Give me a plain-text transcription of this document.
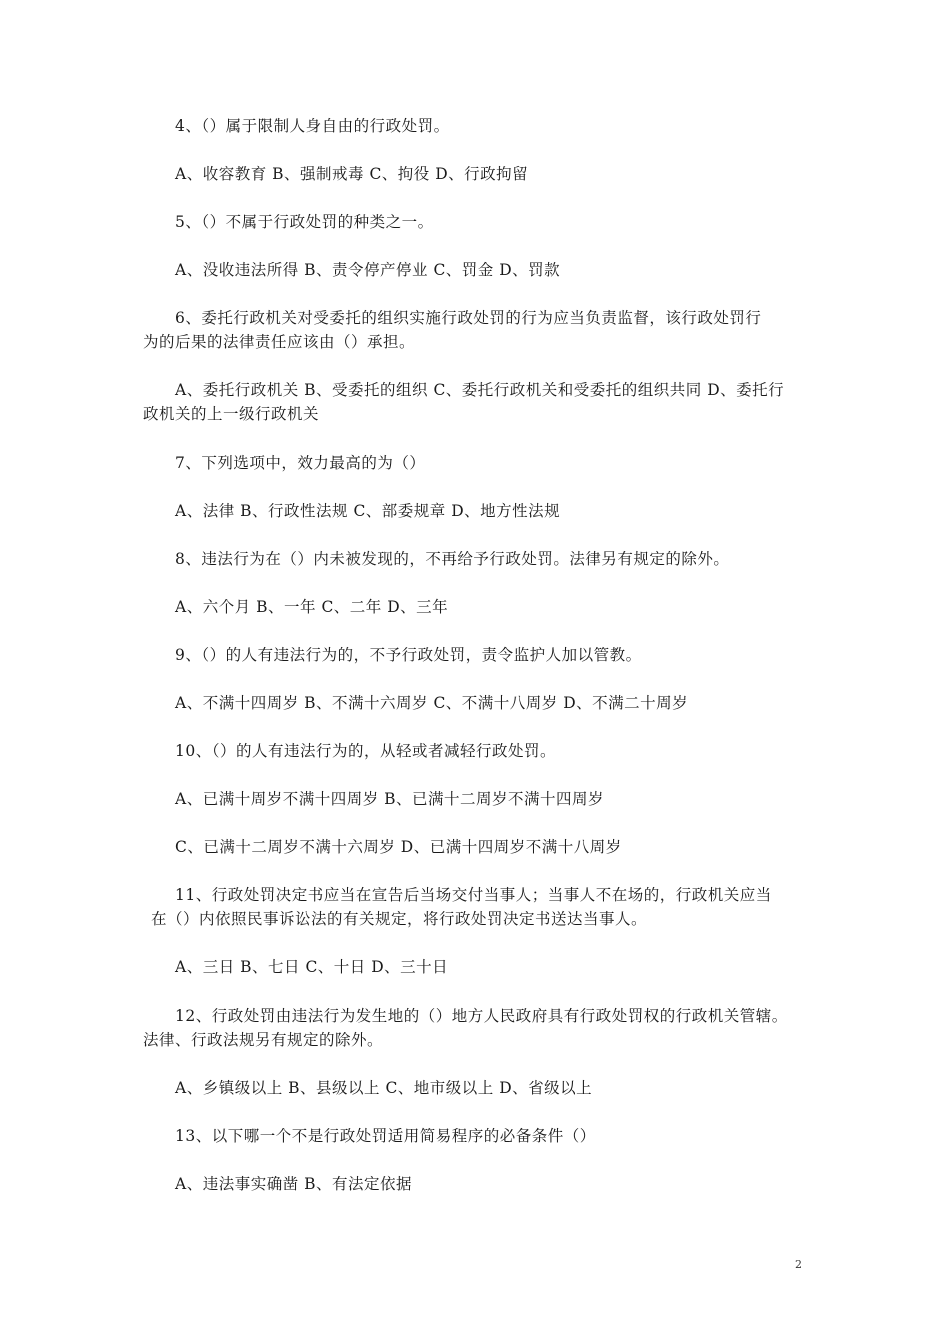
4、（）属于限制人身自由的行政处罚。
A、收容教育 B、强制戒毒 C、拘役 D、行政拘留
5、（）不属于行政处罚的种类之一。
A、没收违法所得 B、责令停产停业 C、罚金 D、罚款
6、委托行政机关对受委托的组织实施行政处罚的行为应当负责监督，该行政处罚行
为的后果的法律责任应该由（）承担。
A、委托行政机关 B、受委托的组织 C、委托行政机关和受委托的组织共同 D、委托行
政机关的上一级行政机关
7、下列选项中，效力最高的为（）
A、法律 B、行政性法规 C、部委规章 D、地方性法规
8、违法行为在（）内未被发现的，不再给予行政处罚。法律另有规定的除外。
A、六个月 B、一年 C、二年 D、三年
9、（）的人有违法行为的，不予行政处罚，责令监护人加以管教。
A、不满十四周岁 B、不满十六周岁 C、不满十八周岁 D、不满二十周岁
10、（）的人有违法行为的，从轻或者减轻行政处罚。
A、已满十周岁不满十四周岁 B、已满十二周岁不满十四周岁
C、已满十二周岁不满十六周岁 D、已满十四周岁不满十八周岁
11、行政处罚决定书应当在宣告后当场交付当事人；当事人不在场的，行政机关应当
在（）内依照民事诉讼法的有关规定，将行政处罚决定书送达当事人。
A、三日 B、七日 C、十日 D、三十日
12、行政处罚由违法行为发生地的（）地方人民政府具有行政处罚权的行政机关管辖。
法律、行政法规另有规定的除外。
A、乡镇级以上 B、县级以上 C、地市级以上 D、省级以上
13、以下哪一个不是行政处罚适用简易程序的必备条件（）
A、违法事实确凿 B、有法定依据
2
